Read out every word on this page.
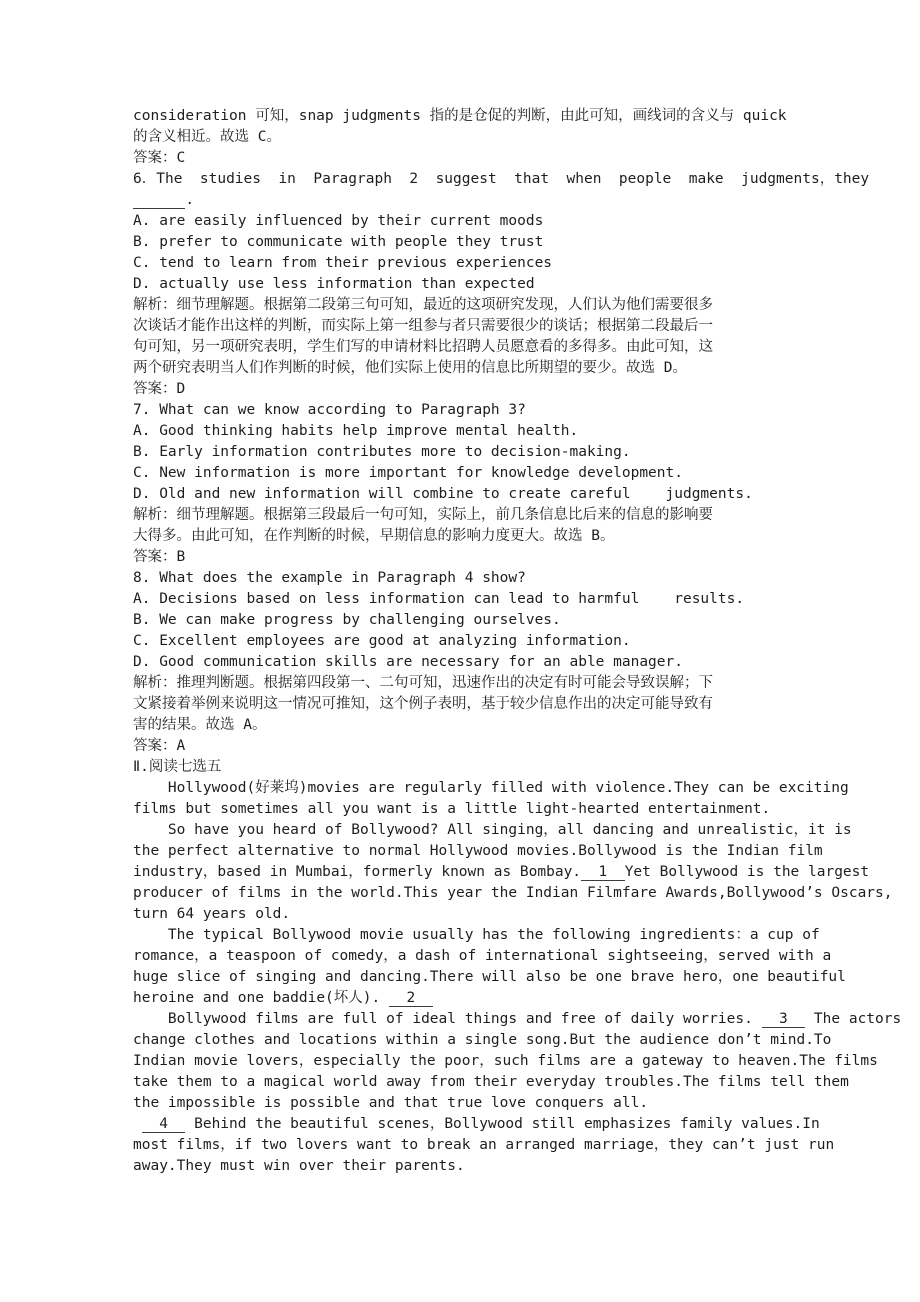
consideration 可知，snap judgments 指的是仓促的判断，由此可知，画线词的含义与 quick
的含义相近。故选 C。
答案：C
6．The  studies  in  Paragraph  2  suggest  that  when  people  make  judgments，they
.
A. are easily influenced by their current moods
B. prefer to communicate with people they trust
C. tend to learn from their previous experiences
D. actually use less information than expected
解析：细节理解题。根据第二段第三句可知，最近的这项研究发现，人们认为他们需要很多
次谈话才能作出这样的判断，而实际上第一组参与者只需要很少的谈话；根据第二段最后一
句可知，另一项研究表明，学生们写的申请材料比招聘人员愿意看的多得多。由此可知，这
两个研究表明当人们作判断的时候，他们实际上使用的信息比所期望的要少。故选 D。
答案：D
7. What can we know according to Paragraph 3?
A. Good thinking habits help improve mental health.
B. Early information contributes more to decision-making.
C. New information is more important for knowledge development.
D. Old and new information will combine to create careful    judgments.
解析：细节理解题。根据第三段最后一句可知，实际上，前几条信息比后来的信息的影响要
大得多。由此可知，在作判断的时候，早期信息的影响力度更大。故选 B。
答案：B
8. What does the example in Paragraph 4 show?
A. Decisions based on less information can lead to harmful    results.
B. We can make progress by challenging ourselves.
C. Excellent employees are good at analyzing information.
D. Good communication skills are necessary for an able manager.
解析：推理判断题。根据第四段第一、二句可知，迅速作出的决定有时可能会导致误解；下
文紧接着举例来说明这一情况可推知，这个例子表明，基于较少信息作出的决定可能导致有
害的结果。故选 A。
答案：A
Ⅱ.阅读七选五
Hollywood(好莱坞)movies are regularly filled with violence.They can be exciting
films but sometimes all you want is a little light-hearted entertainment.
So have you heard of Bollywood? All singing，all dancing and unrealistic，it is
the perfect alternative to normal Hollywood movies.Bollywood is the Indian film
industry，based in Mumbai，formerly known as Bombay.  1  Yet Bollywood is the largest
producer of films in the world.This year the Indian Filmfare Awards,Bollywood’s Oscars,
turn 64 years old.
The typical Bollywood movie usually has the following ingredients：a cup of
romance，a teaspoon of comedy，a dash of international sightseeing，served with a
huge slice of singing and dancing.There will also be one brave hero，one beautiful
heroine and one baddie(坏人).   2
Bollywood films are full of ideal things and free of daily worries.   3   The actors
change clothes and locations within a single song.But the audience don’t mind.To
Indian movie lovers，especially the poor，such films are a gateway to heaven.The films
take them to a magical world away from their everyday troubles.The films tell them
the impossible is possible and that true love conquers all.
4   Behind the beautiful scenes，Bollywood still emphasizes family values.In
most films，if two lovers want to break an arranged marriage，they can’t just run
away.They must win over their parents.
